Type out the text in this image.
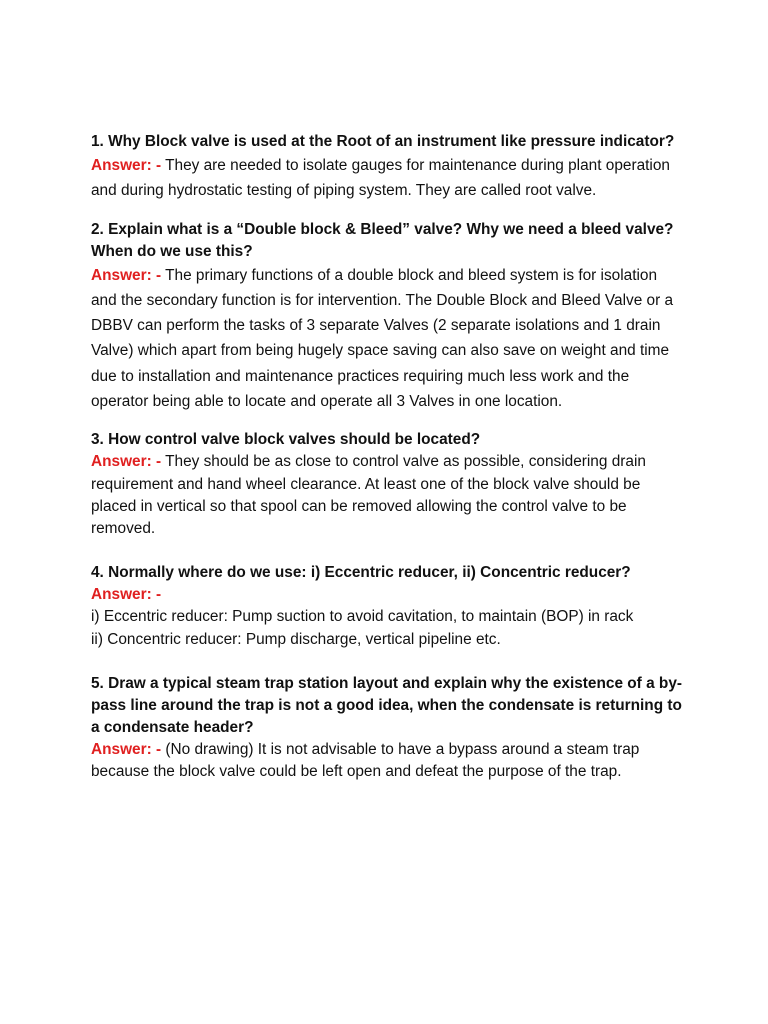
1. Why Block valve is used at the Root of an instrument like pressure indicator?

Answer: - They are needed to isolate gauges for maintenance during plant operation and during hydrostatic testing of piping system. They are called root valve.

2. Explain what is a “Double block & Bleed” valve? Why we need a bleed valve? When do we use this?

Answer: - The primary functions of a double block and bleed system is for isolation and the secondary function is for intervention. The Double Block and Bleed Valve or a DBBV can perform the tasks of 3 separate Valves (2 separate isolations and 1 drain Valve) which apart from being hugely space saving can also save on weight and time due to installation and maintenance practices requiring much less work and the operator being able to locate and operate all 3 Valves in one location.

3. How control valve block valves should be located?

Answer: - They should be as close to control valve as possible, considering drain requirement and hand wheel clearance. At least one of the block valve should be placed in vertical so that spool can be removed allowing the control valve to be removed.

4. Normally where do we use: i) Eccentric reducer, ii) Concentric reducer?

Answer: -
i) Eccentric reducer: Pump suction to avoid cavitation, to maintain (BOP) in rack
ii) Concentric reducer: Pump discharge, vertical pipeline etc.

5. Draw a typical steam trap station layout and explain why the existence of a by-pass line around the trap is not a good idea, when the condensate is returning to a condensate header?

Answer: - (No drawing) It is not advisable to have a bypass around a steam trap because the block valve could be left open and defeat the purpose of the trap.
